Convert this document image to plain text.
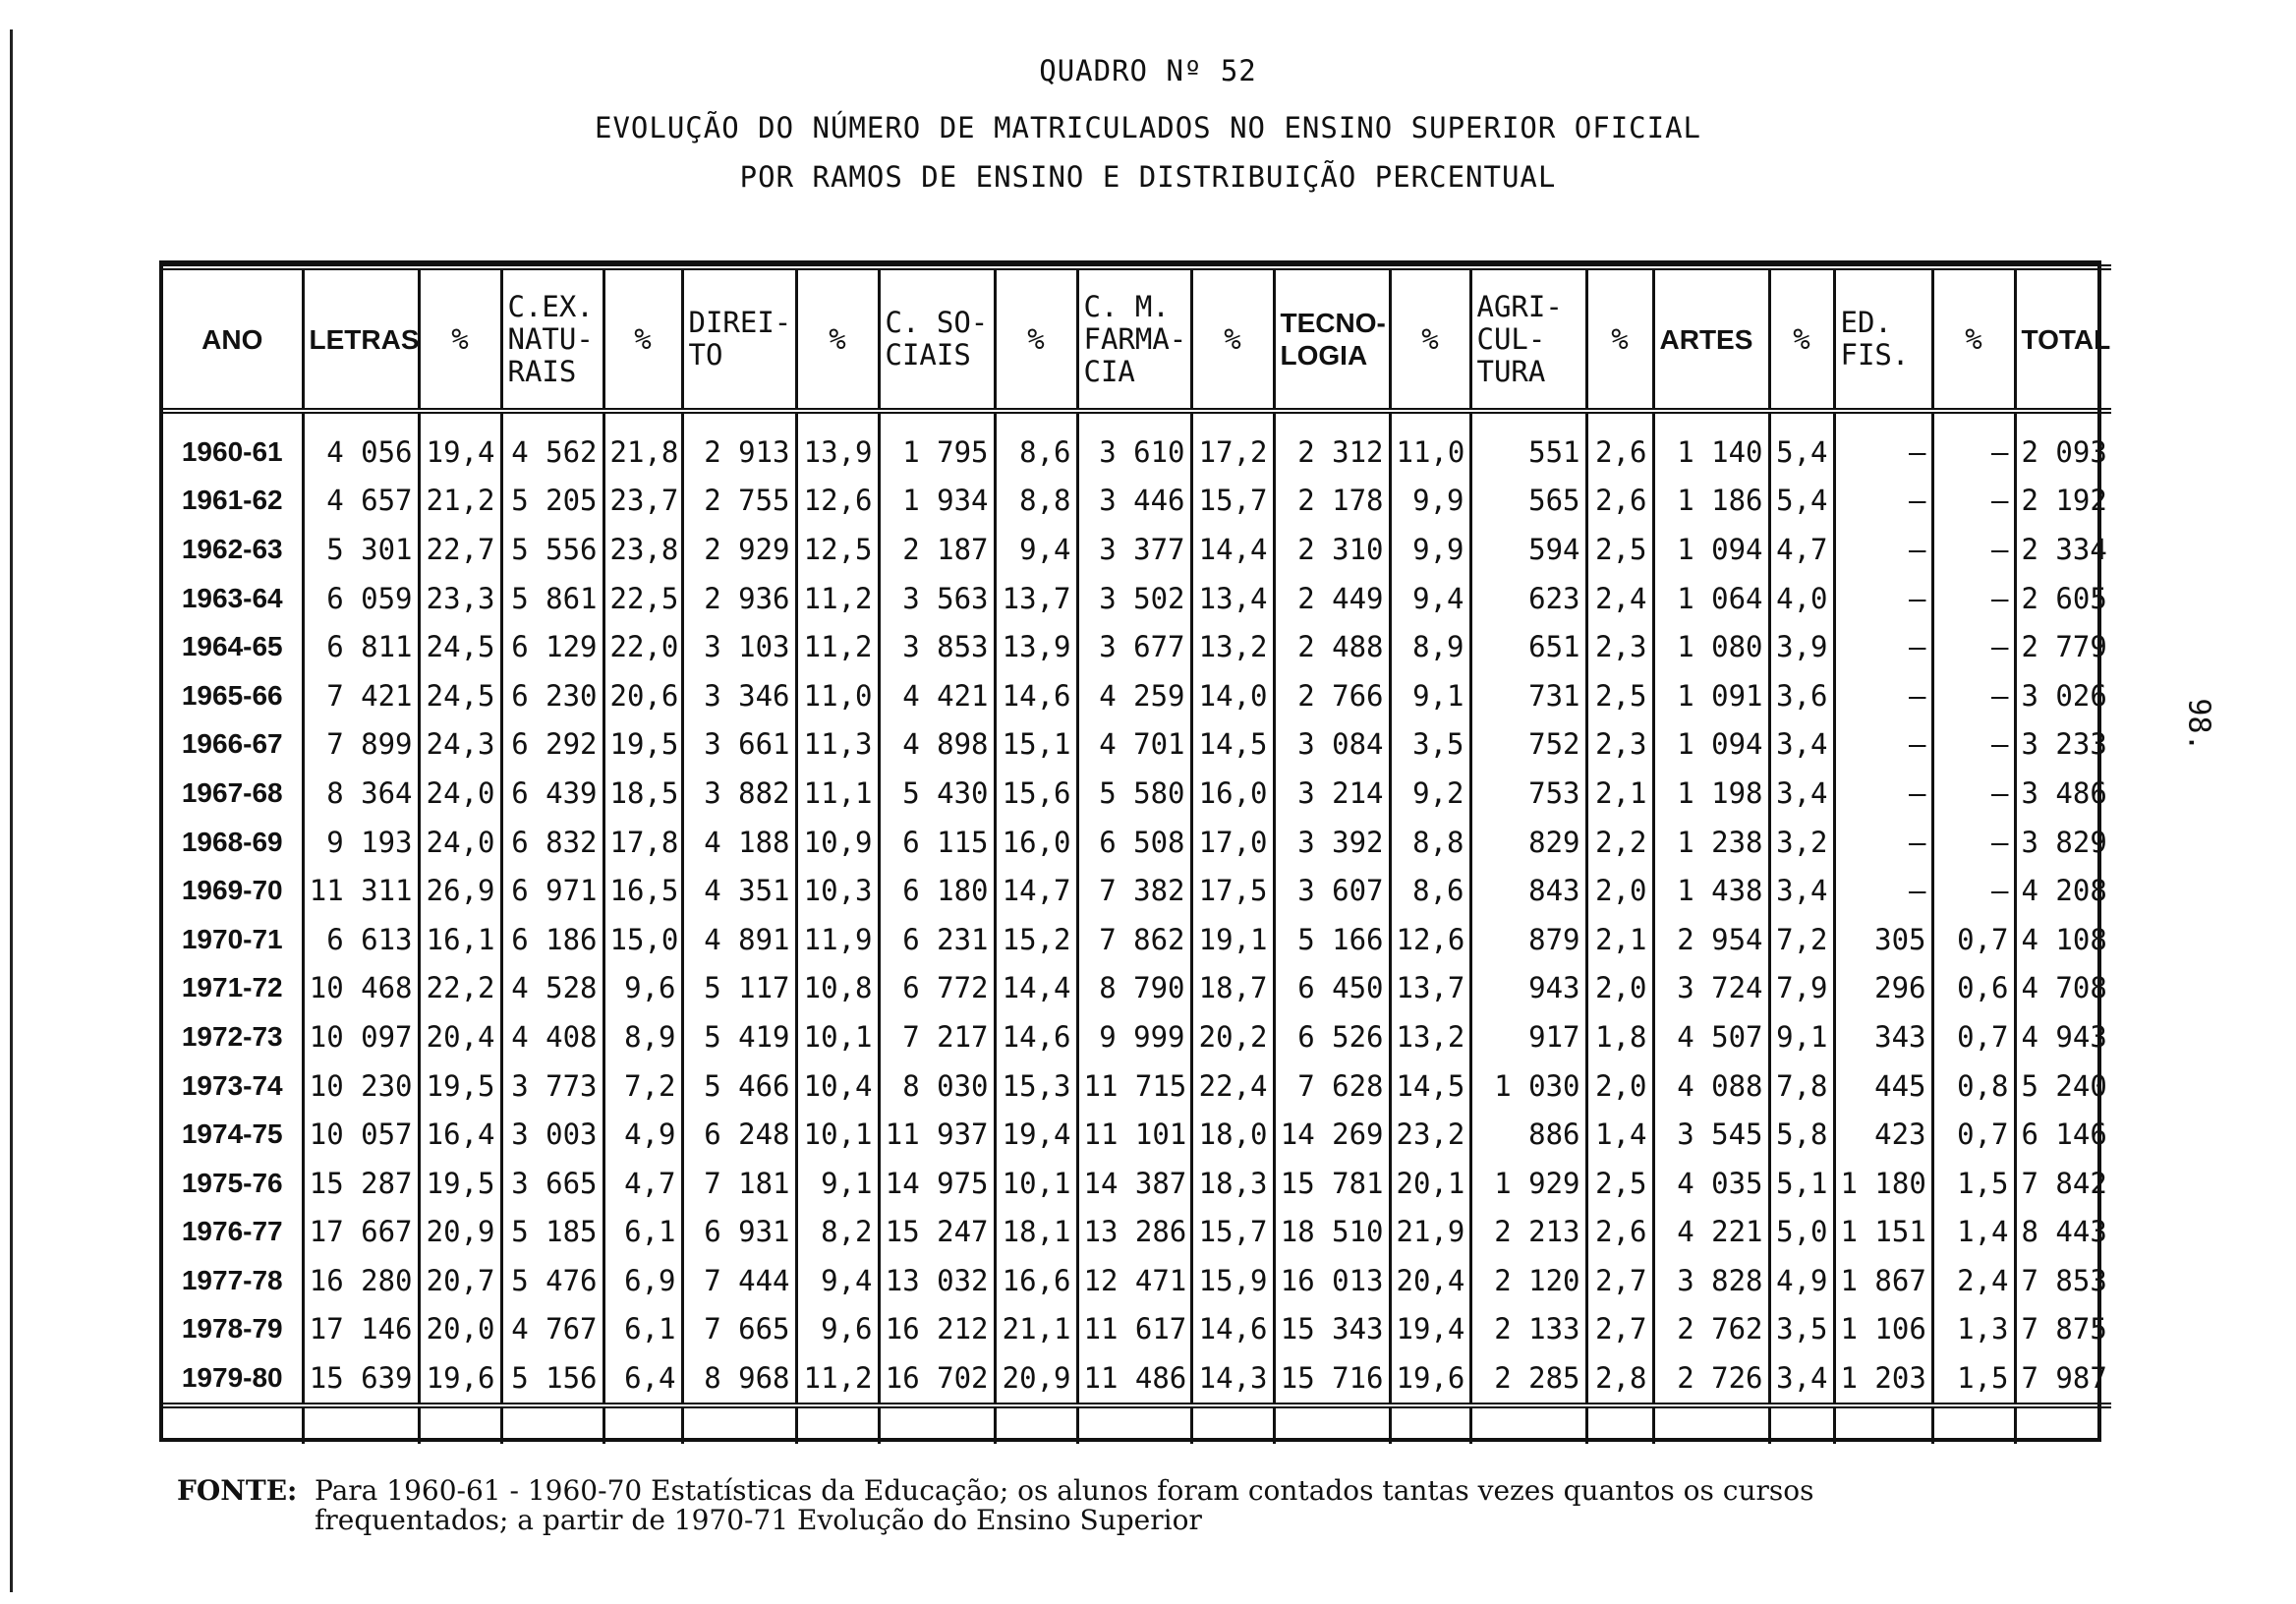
QUADRO Nº 52
EVOLUÇÃO DO NÚMERO DE MATRICULADOS NO ENSINO SUPERIOR OFICIAL
POR RAMOS DE ENSINO E DISTRIBUIÇÃO PERCENTUAL
98.
ANO	LETRAS	%	C.EX.
NATU-
RAIS	%	DIREI-
TO	%	C. SO-
CIAIS	%	C. M.
FARMA-
CIA	%	TECNO-
LOGIA	%	AGRI-
CUL-
TURA	%	ARTES	%	ED.
FIS.	%	TOTAL

1960-61	4 056	19,4	4 562	21,8	2 913	13,9	1 795	8,6	3 610	17,2	2 312	11,0	551	2,6	1 140	5,4	—	—	2 093
1961-62	4 657	21,2	5 205	23,7	2 755	12,6	1 934	8,8	3 446	15,7	2 178	9,9	565	2,6	1 186	5,4	—	—	2 192
1962-63	5 301	22,7	5 556	23,8	2 929	12,5	2 187	9,4	3 377	14,4	2 310	9,9	594	2,5	1 094	4,7	—	—	2 334
1963-64	6 059	23,3	5 861	22,5	2 936	11,2	3 563	13,7	3 502	13,4	2 449	9,4	623	2,4	1 064	4,0	—	—	2 605
1964-65	6 811	24,5	6 129	22,0	3 103	11,2	3 853	13,9	3 677	13,2	2 488	8,9	651	2,3	1 080	3,9	—	—	2 779
1965-66	7 421	24,5	6 230	20,6	3 346	11,0	4 421	14,6	4 259	14,0	2 766	9,1	731	2,5	1 091	3,6	—	—	3 026
1966-67	7 899	24,3	6 292	19,5	3 661	11,3	4 898	15,1	4 701	14,5	3 084	3,5	752	2,3	1 094	3,4	—	—	3 233
1967-68	8 364	24,0	6 439	18,5	3 882	11,1	5 430	15,6	5 580	16,0	3 214	9,2	753	2,1	1 198	3,4	—	—	3 486
1968-69	9 193	24,0	6 832	17,8	4 188	10,9	6 115	16,0	6 508	17,0	3 392	8,8	829	2,2	1 238	3,2	—	—	3 829
1969-70	11 311	26,9	6 971	16,5	4 351	10,3	6 180	14,7	7 382	17,5	3 607	8,6	843	2,0	1 438	3,4	—	—	4 208
1970-71	6 613	16,1	6 186	15,0	4 891	11,9	6 231	15,2	7 862	19,1	5 166	12,6	879	2,1	2 954	7,2	305	0,7	4 108
1971-72	10 468	22,2	4 528	9,6	5 117	10,8	6 772	14,4	8 790	18,7	6 450	13,7	943	2,0	3 724	7,9	296	0,6	4 708
1972-73	10 097	20,4	4 408	8,9	5 419	10,1	7 217	14,6	9 999	20,2	6 526	13,2	917	1,8	4 507	9,1	343	0,7	4 943
1973-74	10 230	19,5	3 773	7,2	5 466	10,4	8 030	15,3	11 715	22,4	7 628	14,5	1 030	2,0	4 088	7,8	445	0,8	5 240
1974-75	10 057	16,4	3 003	4,9	6 248	10,1	11 937	19,4	11 101	18,0	14 269	23,2	886	1,4	3 545	5,8	423	0,7	6 146
1975-76	15 287	19,5	3 665	4,7	7 181	9,1	14 975	10,1	14 387	18,3	15 781	20,1	1 929	2,5	4 035	5,1	1 180	1,5	7 842
1976-77	17 667	20,9	5 185	6,1	6 931	8,2	15 247	18,1	13 286	15,7	18 510	21,9	2 213	2,6	4 221	5,0	1 151	1,4	8 443
1977-78	16 280	20,7	5 476	6,9	7 444	9,4	13 032	16,6	12 471	15,9	16 013	20,4	2 120	2,7	3 828	4,9	1 867	2,4	7 853
1978-79	17 146	20,0	4 767	6,1	7 665	9,6	16 212	21,1	11 617	14,6	15 343	19,4	2 133	2,7	2 762	3,5	1 106	1,3	7 875
1979-80	15 639	19,6	5 156	6,4	8 968	11,2	16 702	20,9	11 486	14,3	15 716	19,6	2 285	2,8	2 726	3,4	1 203	1,5	7 987

FONTE: Para 1960-61 - 1960-70 Estatísticas da Educação; os alunos foram contados tantas vezes quantos os cursos
frequentados; a partir de 1970-71 Evolução do Ensino Superior
